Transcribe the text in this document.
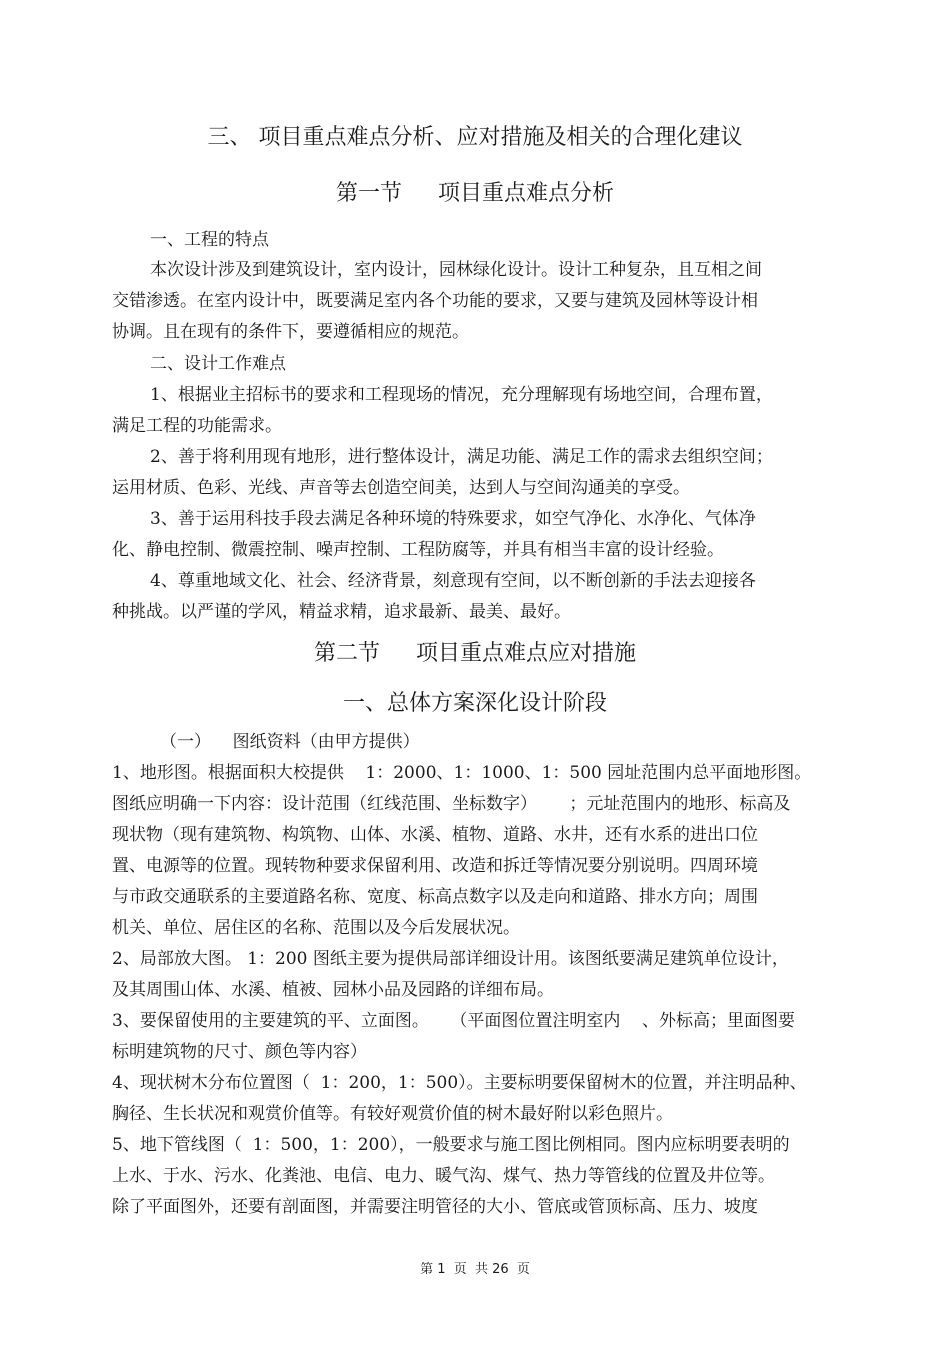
三、 项目重点难点分析、应对措施及相关的合理化建议
第一节 项目重点难点分析
一、工程的特点
本次设计涉及到建筑设计，室内设计，园林绿化设计。设计工种复杂，且互相之间
交错渗透。在室内设计中，既要满足室内各个功能的要求，又要与建筑及园林等设计相
协调。且在现有的条件下，要遵循相应的规范。
二、设计工作难点
1、根据业主招标书的要求和工程现场的情况，充分理解现有场地空间，合理布置，
满足工程的功能需求。
2、善于将利用现有地形，进行整体设计，满足功能、满足工作的需求去组织空间；
运用材质、色彩、光线、声音等去创造空间美，达到人与空间沟通美的享受。
3、善于运用科技手段去满足各种环境的特殊要求，如空气净化、水净化、气体净
化、静电控制、微震控制、噪声控制、工程防腐等，并具有相当丰富的设计经验。
4、尊重地域文化、社会、经济背景，刻意现有空间，以不断创新的手法去迎接各
种挑战。以严谨的学风，精益求精，追求最新、最美、最好。
第二节 项目重点难点应对措施
一、总体方案深化设计阶段
（一）    图纸资料（由甲方提供）
1、地形图。根据面积大校提供    1：2000、1：1000、1：500 园址范围内总平面地形图。
图纸应明确一下内容：设计范围（红线范围、坐标数字）      ；元址范围内的地形、标高及
现状物（现有建筑物、构筑物、山体、水溪、植物、道路、水井，还有水系的进出口位
置、电源等的位置。现转物种要求保留利用、改造和拆迁等情况要分别说明。四周环境
与市政交通联系的主要道路名称、宽度、标高点数字以及走向和道路、排水方向；周围
机关、单位、居住区的名称、范围以及今后发展状况。
2、局部放大图。 1：200 图纸主要为提供局部详细设计用。该图纸要满足建筑单位设计，
及其周围山体、水溪、植被、园林小品及园路的详细布局。
3、要保留使用的主要建筑的平、立面图。    （平面图位置注明室内    、外标高；里面图要
标明建筑物的尺寸、颜色等内容）
4、现状树木分布位置图（  1：200，1：500）。主要标明要保留树木的位置，并注明品种、
胸径、生长状况和观赏价值等。有较好观赏价值的树木最好附以彩色照片。
5、地下管线图（  1：500，1：200），一般要求与施工图比例相同。图内应标明要表明的
上水、于水、污水、化粪池、电信、电力、暖气沟、煤气、热力等管线的位置及井位等。
除了平面图外，还要有剖面图，并需要注明管径的大小、管底或管顶标高、压力、坡度
第 1  页  共 26  页
